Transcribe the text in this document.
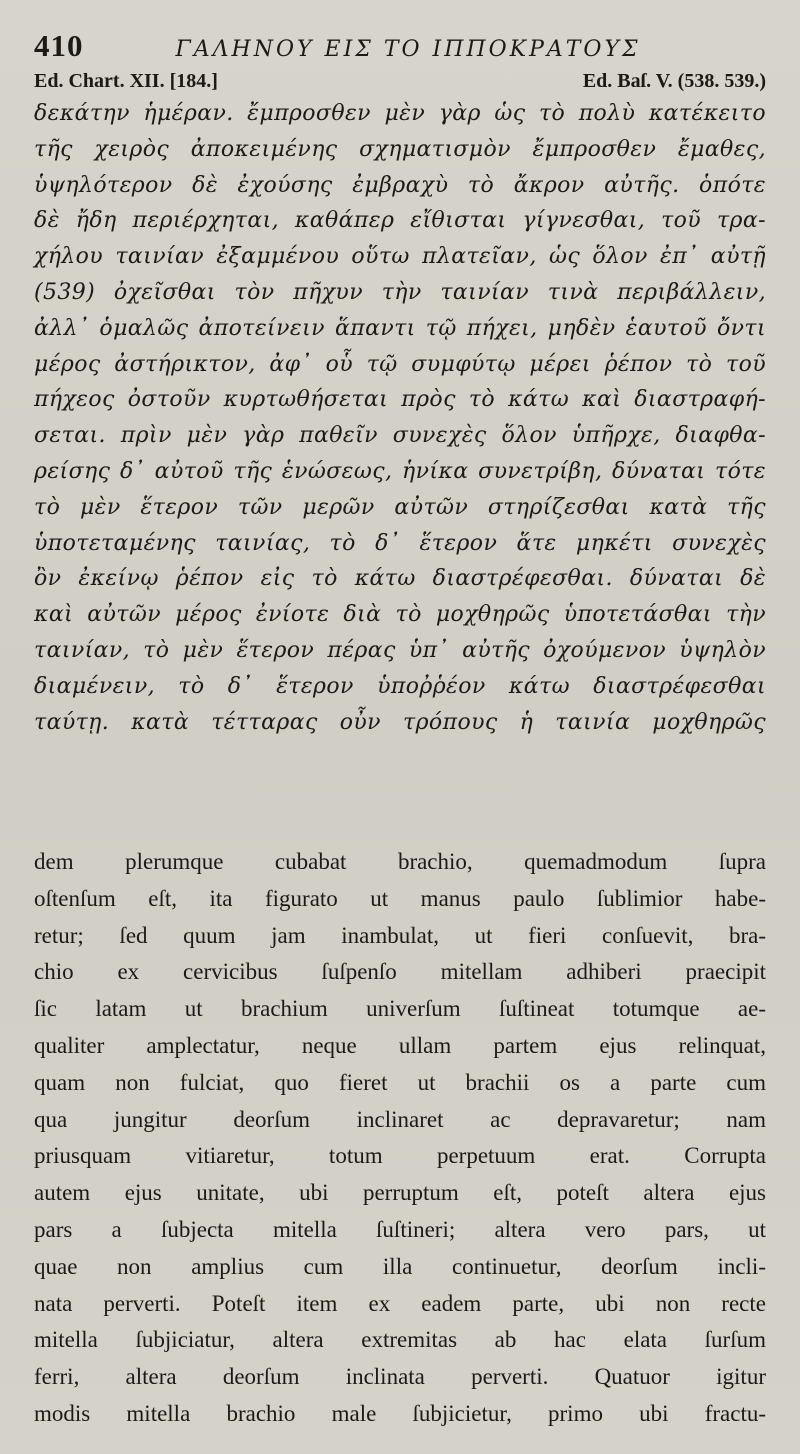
410	ΓΑΛΗΝΟΥ ΕΙΣ ΤΟ ΙΠΠΟΚΡΑΤΟΥΣ
Ed. Chart. XII. [184.]	Ed. Baſ. V. (538. 539.)
δεκάτην ἡμέραν. ἔμπροσθεν μὲν γὰρ ὡς τὸ πολὺ κατέκειτο
τῆς χειρὸς ἀποκειμένης σχηματισμὸν ἔμπροσθεν ἔμαθες,
ὑψηλότερον δὲ ἐχούσης ἐμβραχὺ τὸ ἄκρον αὐτῆς. ὁπότε
δὲ ἤδη περιέρχηται, καθάπερ εἴθισται γίγνεσθαι, τοῦ τρα-
χήλου ταινίαν ἐξαμμένου οὕτω πλατεῖαν, ὡς ὅλον ἐπ᾽ αὐτῇ
(539) ὀχεῖσθαι τὸν πῆχυν τὴν ταινίαν τινὰ περιβάλλειν,
ἀλλ᾽ ὁμαλῶς ἀποτείνειν ἅπαντι τῷ πήχει, μηδὲν ἑαυτοῦ ὄντι
μέρος ἀστήρικτον, ἀφ᾽ οὗ τῷ συμφύτῳ μέρει ῥέπον τὸ τοῦ
πήχεος ὀστοῦν κυρτωθήσεται πρὸς τὸ κάτω καὶ διαστραφή-
σεται. πρὶν μὲν γὰρ παθεῖν συνεχὲς ὅλον ὑπῆρχε, διαφθα-
ρείσης δ᾽ αὐτοῦ τῆς ἑνώσεως, ἡνίκα συνετρίβη, δύναται τότε
τὸ μὲν ἕτερον τῶν μερῶν αὐτῶν στηρίζεσθαι κατὰ τῆς
ὑποτεταμένης ταινίας, τὸ δ᾽ ἕτερον ἅτε μηκέτι συνεχὲς
ὂν ἐκείνῳ ῥέπον εἰς τὸ κάτω διαστρέφεσθαι. δύναται δὲ
καὶ αὐτῶν μέρος ἐνίοτε διὰ τὸ μοχθηρῶς ὑποτετάσθαι τὴν
ταινίαν, τὸ μὲν ἕτερον πέρας ὑπ᾽ αὐτῆς ὀχούμενον ὑψηλὸν
διαμένειν, τὸ δ᾽ ἕτερον ὑποῤῥέον κάτω διαστρέφεσθαι
ταύτῃ. κατὰ τέτταρας οὖν τρόπους ἡ ταινία μοχθηρῶς
dem plerumque cubabat brachio, quemadmodum ſupra
oſtenſum eſt, ita figurato ut manus paulo ſublimior habe-
retur; ſed quum jam inambulat, ut fieri conſuevit, bra-
chio ex cervicibus ſuſpenſo mitellam adhiberi praecipit
ſic latam ut brachium univerſum ſuſtineat totumque ae-
qualiter amplectatur, neque ullam partem ejus relinquat,
quam non fulciat, quo fieret ut brachii os a parte cum
qua jungitur deorſum inclinaret ac depravaretur; nam
priusquam vitiaretur, totum perpetuum erat. Corrupta
autem ejus unitate, ubi perruptum eſt, poteſt altera ejus
pars a ſubjecta mitella ſuſtineri; altera vero pars, ut
quae non amplius cum illa continuetur, deorſum incli-
nata perverti. Poteſt item ex eadem parte, ubi non recte
mitella ſubjiciatur, altera extremitas ab hac elata ſurſum
ferri, altera deorſum inclinata perverti. Quatuor igitur
modis mitella brachio male ſubjicietur, primo ubi fractu-
